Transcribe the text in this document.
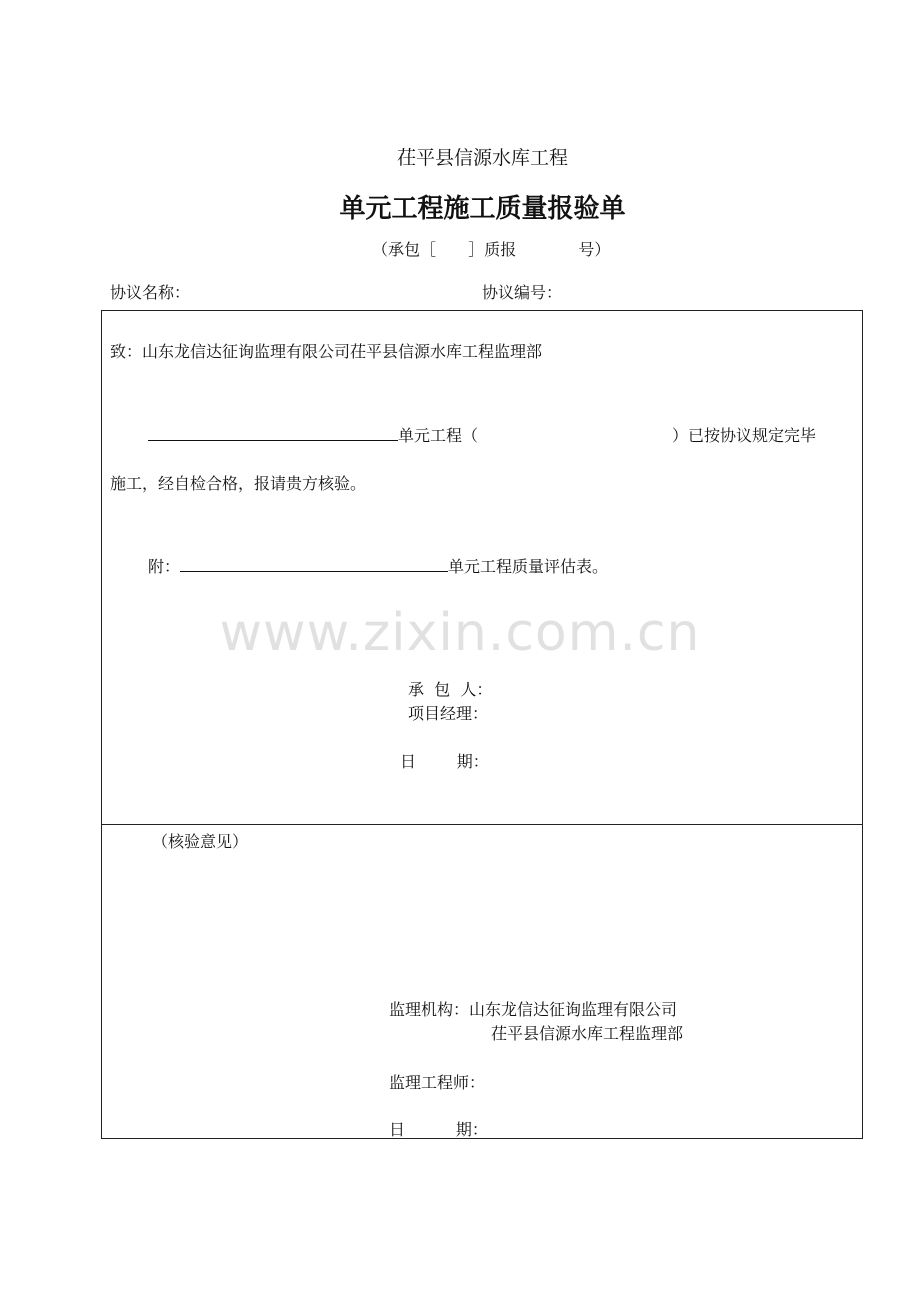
茌平县信源水库工程
单元工程施工质量报验单
（承包［ ］质报	号）
协议名称：	协议编号：
www.zixin.com.cn
致：山东龙信达征询监理有限公司茌平县信源水库工程监理部
单元工程（	）已按协议规定完毕
施工，经自检合格，报请贵方核验。
附：	单元工程质量评估表。
承  包  人：
项目经理：
日        期：
（核验意见）
监理机构：山东龙信达征询监理有限公司
茌平县信源水库工程监理部
监理工程师：
日          期：
